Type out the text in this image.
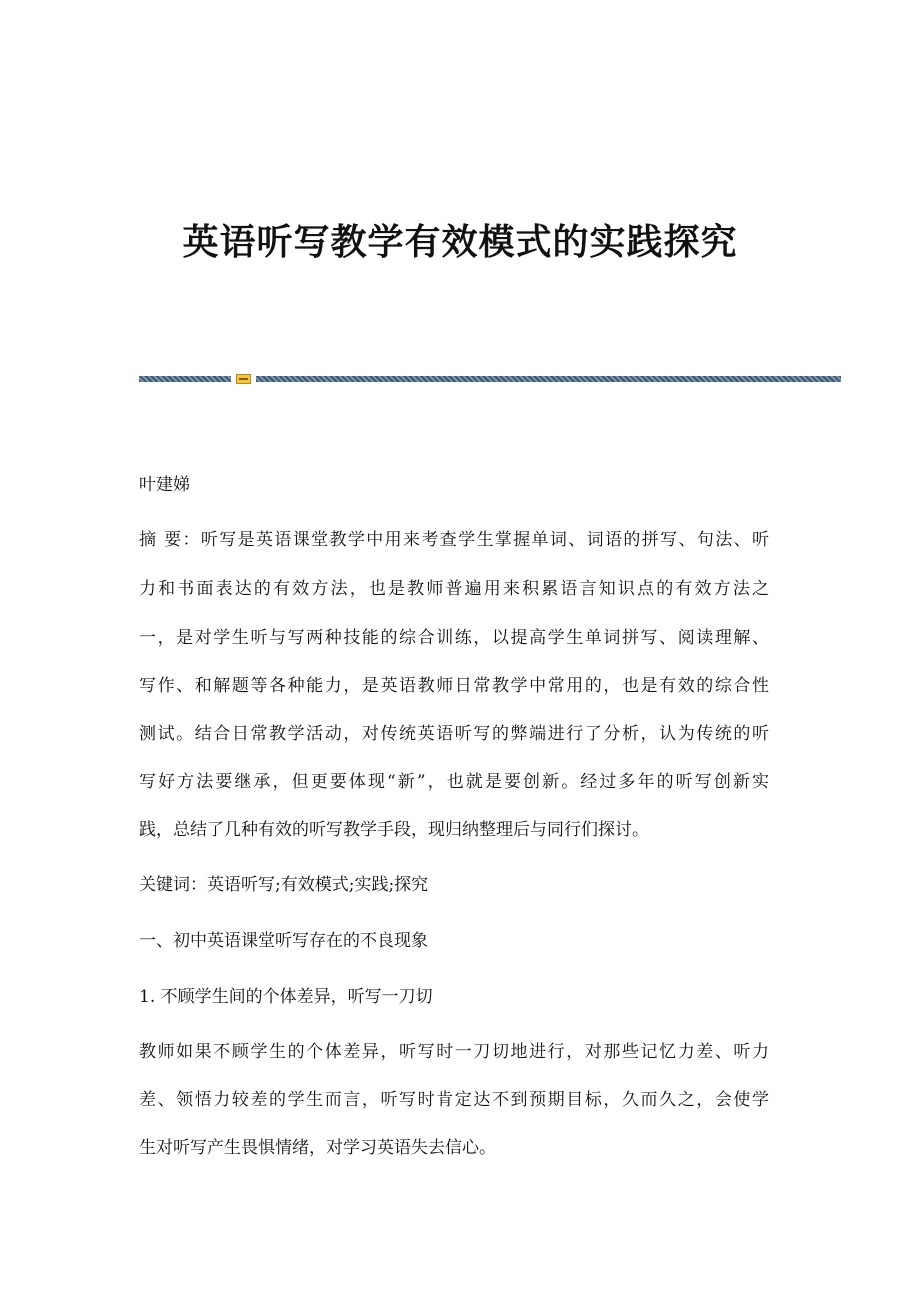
英语听写教学有效模式的实践探究
叶建娣
摘 要：听写是英语课堂教学中用来考查学生掌握单词、词语的拼写、句法、听
力和书面表达的有效方法，也是教师普遍用来积累语言知识点的有效方法之
一，是对学生听与写两种技能的综合训练，以提高学生单词拼写、阅读理解、
写作、和解题等各种能力，是英语教师日常教学中常用的，也是有效的综合性
测试。结合日常教学活动，对传统英语听写的弊端进行了分析，认为传统的听
写好方法要继承，但更要体现“新”，也就是要创新。经过多年的听写创新实
践，总结了几种有效的听写教学手段，现归纳整理后与同行们探讨。
关键词：英语听写;有效模式;实践;探究
一、初中英语课堂听写存在的不良现象
1. 不顾学生间的个体差异，听写一刀切
教师如果不顾学生的个体差异，听写时一刀切地进行，对那些记忆力差、听力
差、领悟力较差的学生而言，听写时肯定达不到预期目标，久而久之，会使学
生对听写产生畏惧情绪，对学习英语失去信心。
